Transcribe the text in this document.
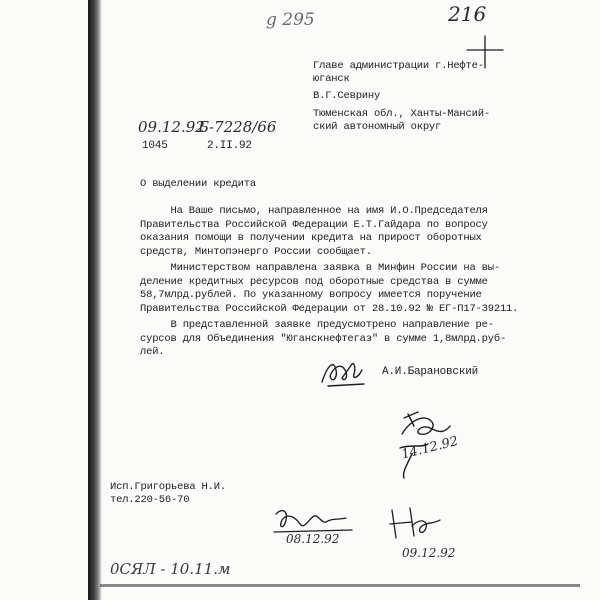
216
g 295
Главе администрации г.Нефте-
юганск
В.Г.Севрину
Тюменская обл., Ханты-Мансий-
ский автономный округ
09.12.92
Б-7228/66
1045	2.II.92
О выделении кредита

На Ваше письмо, направленное на имя И.О.Председателя

Правительства Российской Федерации Е.Т.Гайдара по вопросу

оказания помощи в получении кредита на прирост оборотных

средств, Минтопэнерго России сообщает.

Министерством направлена заявка в Минфин России на вы-

деление кредитных ресурсов под оборотные средства в сумме

58,7млрд.рублей. По указанному вопросу имеется поручение

Правительства Российской Федерации от 28.10.92 № ЕГ-П17-39211.

В представленной заявке предусмотрено направление ре-

сурсов для Объединения "Юганскнефтегаз" в сумме 1,8млрд.руб-

лей.

А.И.Барановский
14.12.92
Исп.Григорьева Н.И.
тел.220-56-70
08.12.92
09.12.92
0СЯЛ - 10.11.м
